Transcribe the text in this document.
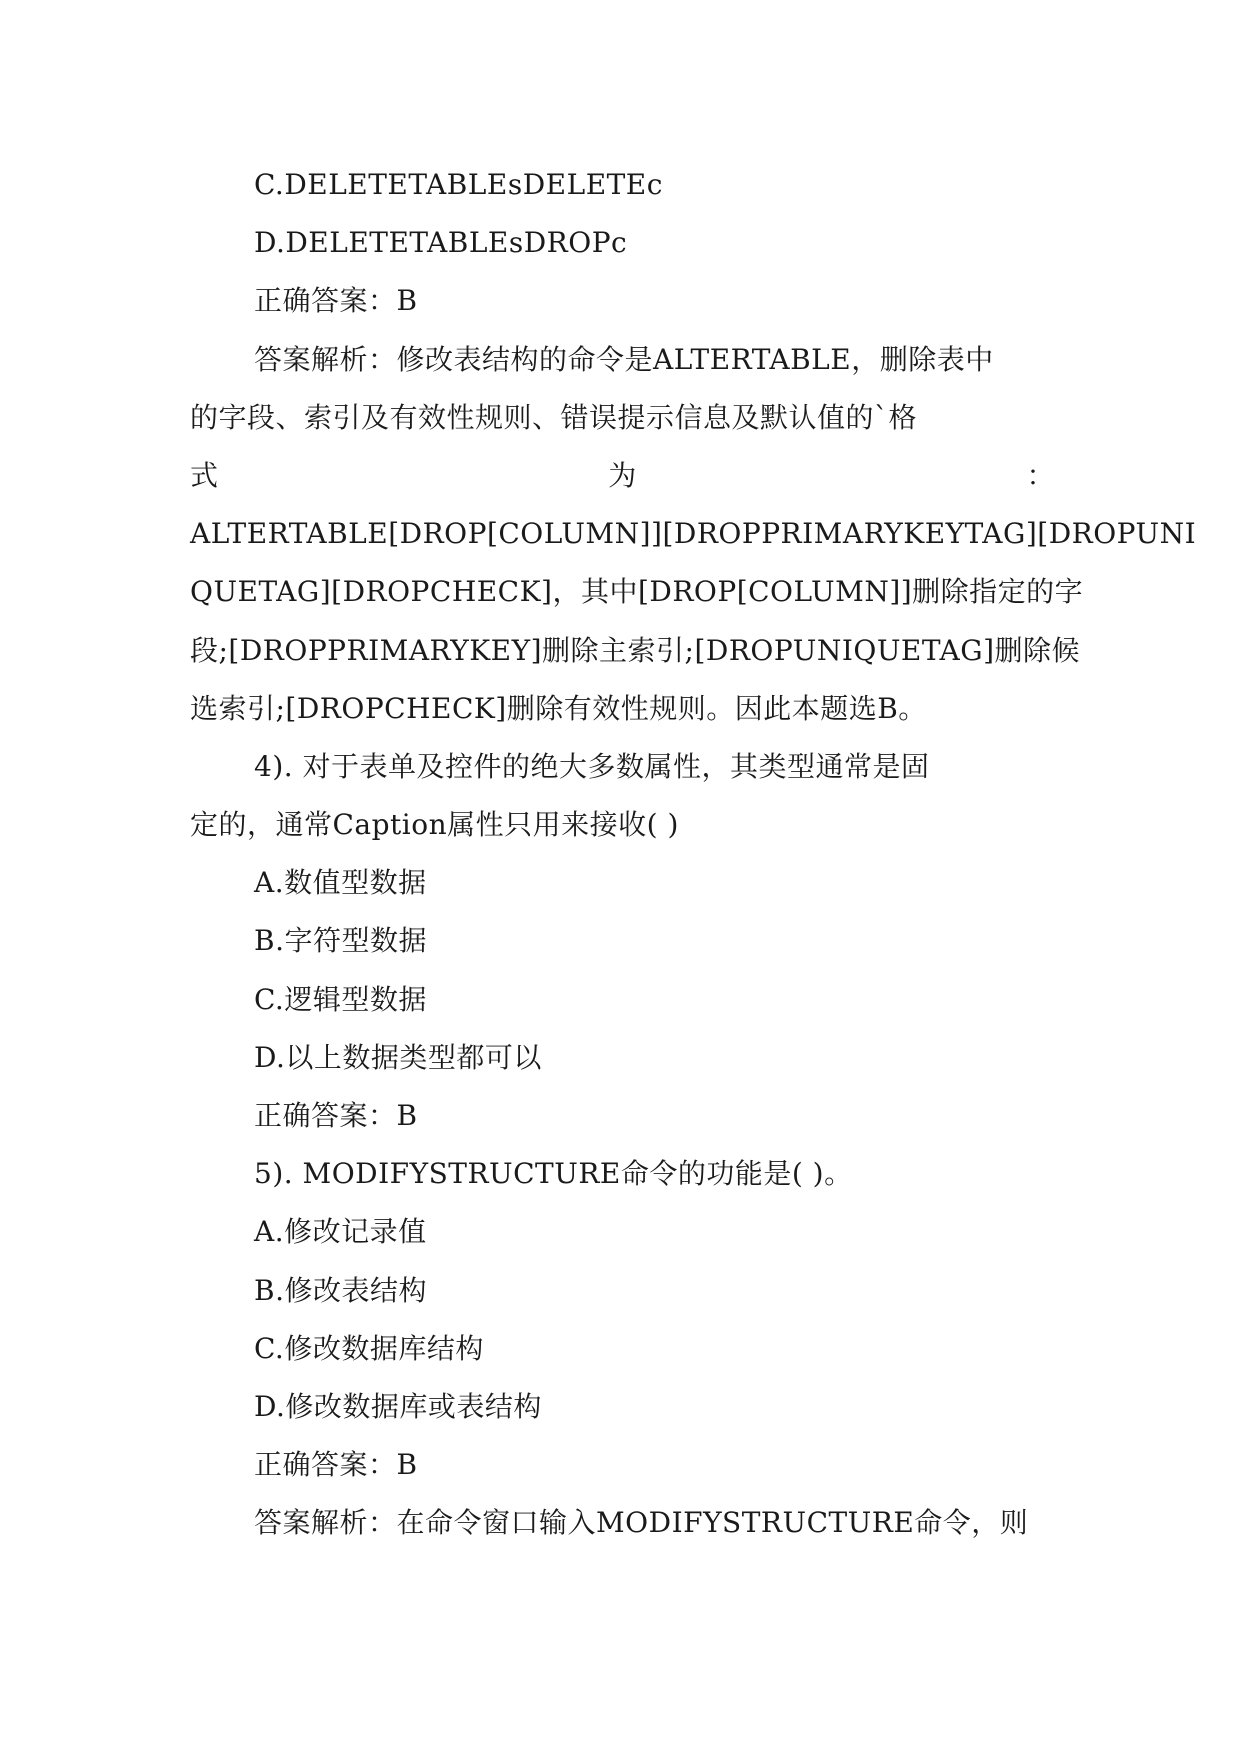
C.DELETETABLEsDELETEc
D.DELETETABLEsDROPc
正确答案：B
答案解析：修改表结构的命令是ALTERTABLE，删除表中
的字段、索引及有效性规则、错误提示信息及默认值的`格
式	为	：
ALTERTABLE[DROP[COLUMN]][DROPPRIMARYKEYTAG][DROPUNI
QUETAG][DROPCHECK]，其中[DROP[COLUMN]]删除指定的字
段;[DROPPRIMARYKEY]删除主索引;[DROPUNIQUETAG]删除候
选索引;[DROPCHECK]删除有效性规则。因此本题选B。
4). 对于表单及控件的绝大多数属性，其类型通常是固
定的，通常Caption属性只用来接收( )
A.数值型数据
B.字符型数据
C.逻辑型数据
D.以上数据类型都可以
正确答案：B
5). MODIFYSTRUCTURE命令的功能是( )。
A.修改记录值
B.修改表结构
C.修改数据库结构
D.修改数据库或表结构
正确答案：B
答案解析：在命令窗口输入MODIFYSTRUCTURE命令，则
